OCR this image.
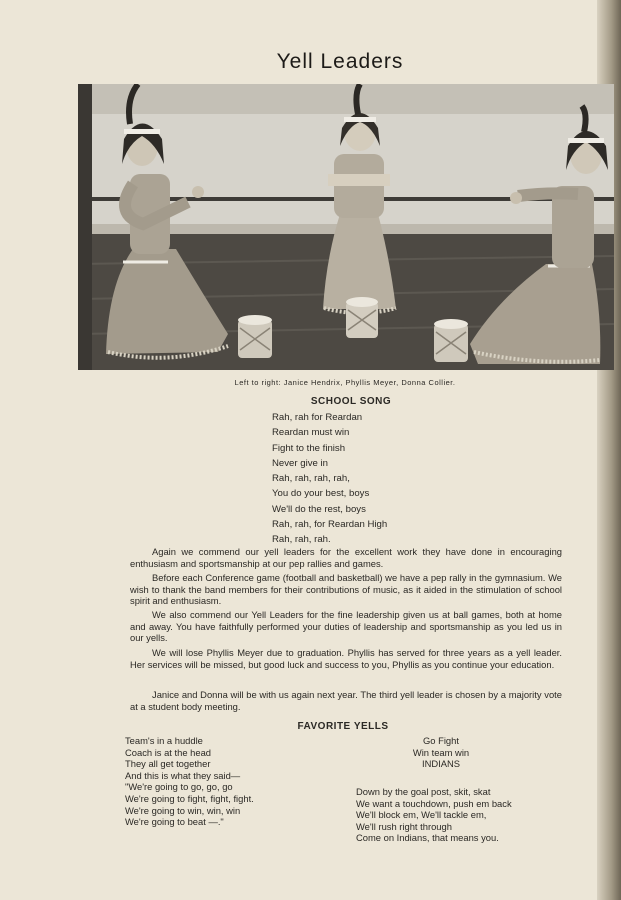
Yell Leaders
Left to right: Janice Hendrix, Phyllis Meyer, Donna Collier.
SCHOOL SONG
Rah, rah for Reardan
Reardan must win
Fight to the finish
Never give in
Rah, rah, rah, rah,
You do your best, boys
We'll do the rest, boys
Rah, rah, for Reardan High
Rah, rah, rah.

Again we commend our yell leaders for the excellent work they have done in encouraging enthusiasm and sportsmanship at our pep rallies and games.

Before each Conference game (football and basketball) we have a pep rally in the gymnasium. We wish to thank the band members for their contributions of music, as it aided in the stimulation of school spirit and enthusiasm.

We also commend our Yell Leaders for the fine leadership given us at ball games, both at home and away. You have faithfully performed your duties of leadership and sportsmanship as you led us in our yells.

We will lose Phyllis Meyer due to graduation. Phyllis has served for three years as a yell leader. Her services will be missed, but good luck and success to you, Phyllis as you continue your education.

Janice and Donna will be with us again next year. The third yell leader is chosen by a majority vote at a student body meeting.

FAVORITE YELLS
Team's in a huddle
Coach is at the head
They all get together
And this is what they said—
"We're going to go, go, go
We're going to fight, fight, fight.
We're going to win, win, win
We're going to beat —."
Go Fight
Win team win
INDIANS
Down by the goal post, skit, skat
We want a touchdown, push em back
We'll block em, We'll tackle em,
We'll rush right through
Come on Indians, that means you.
